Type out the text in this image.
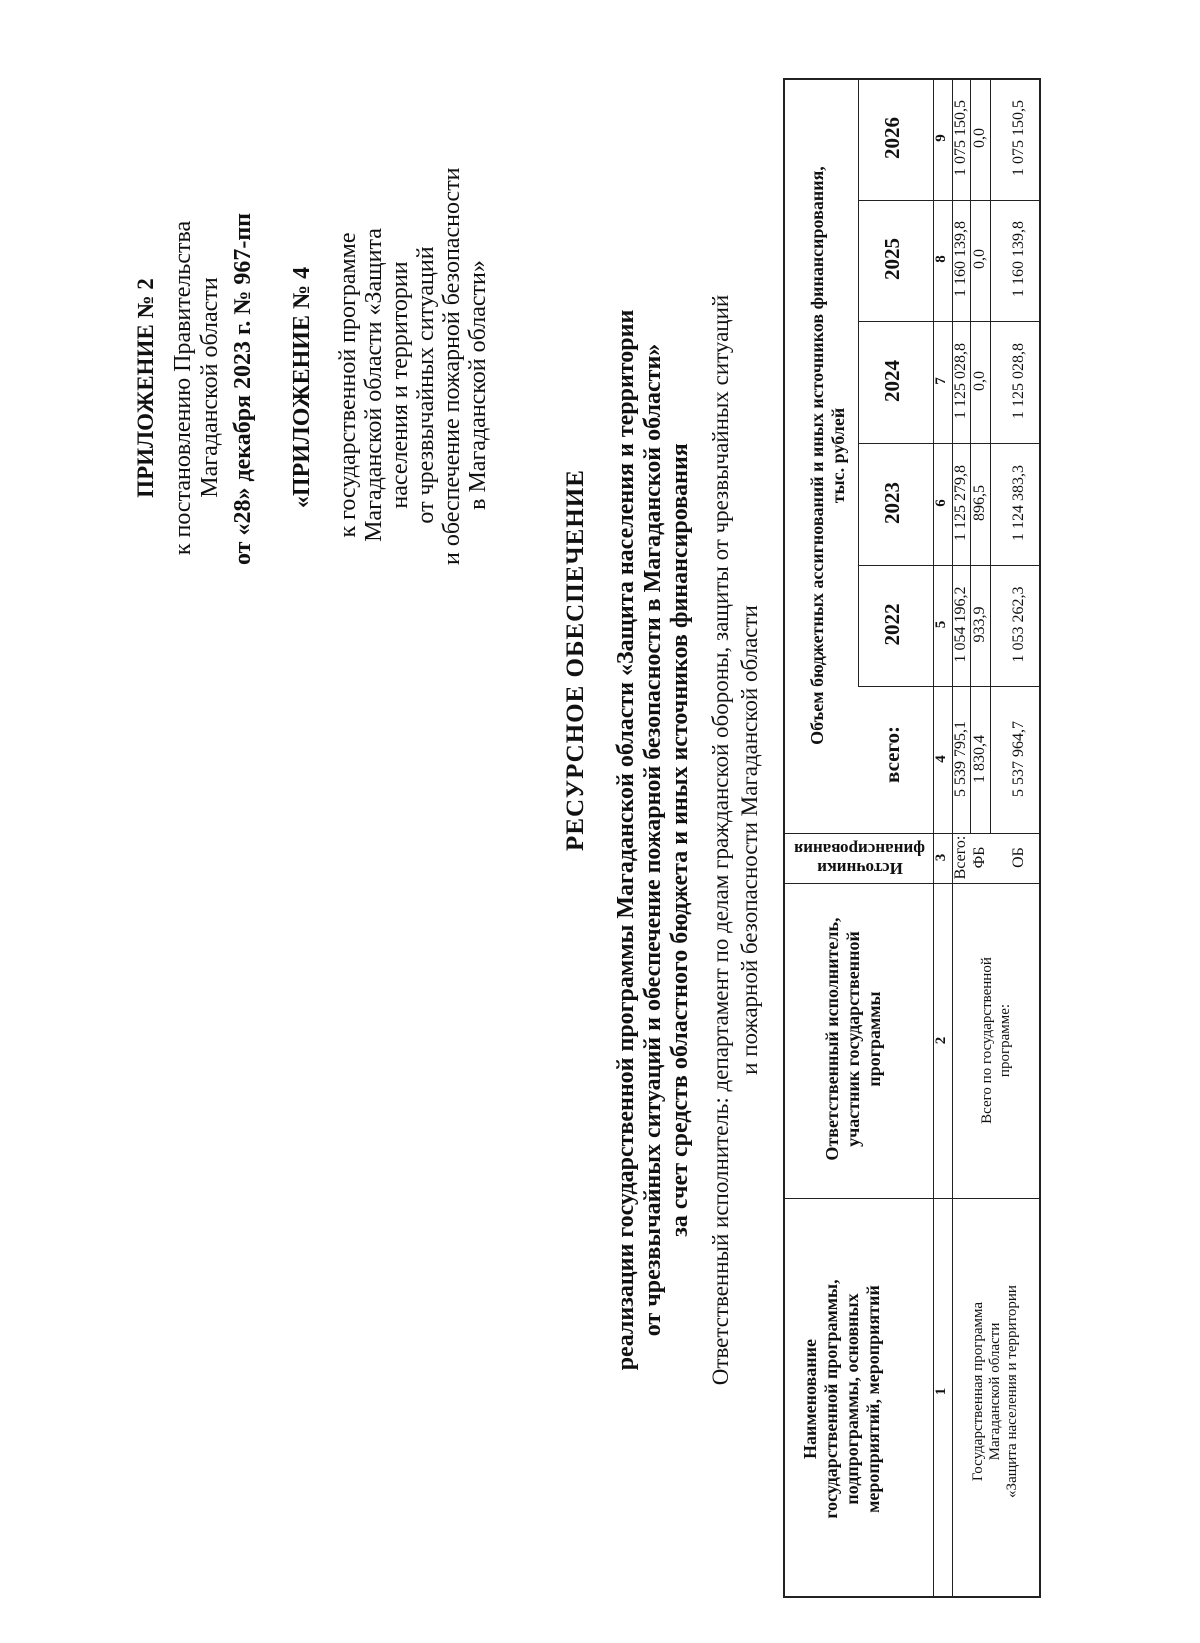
ПРИЛОЖЕНИЕ № 2 к постановлению Правительства Магаданской области от «28» декабря 2023 г. № 967-пп «ПРИЛОЖЕНИЕ № 4 к государственной программе Магаданской области «Защита населения и территории от чрезвычайных ситуаций и обеспечение пожарной безопасности в Магаданской области»
РЕСУРСНОЕ ОБЕСПЕЧЕНИЕ реализации государственной программы Магаданской области «Защита населения и территории от чрезвычайных ситуаций и обеспечение пожарной безопасности в Магаданской области» за счет средств областного бюджета и иных источников финансирования Ответственный исполнитель: департамент по делам гражданской обороны, защиты от чрезвычайных ситуаций и пожарной безопасности Магаданской области
Наименование государственной программы, подпрограммы, основных мероприятий, мероприятий
Ответственный исполнитель, участник государственной программы
Источники
финансирования
Объем бюджетных ассигнований и иных источников финансирования, тыс. рублей
всего:
2022
2023
2024
2025
2026
1
2
3
4
5
6
7
8
9
Государственная программа Магаданской области «Защита населения и территории
Всего по государственной программе:
Всего:
5 539 795,1
1 054 196,2
1 125 279,8
1 125 028,8
1 160 139,8
1 075 150,5
ФБ
1 830,4
933,9
896,5
0,0
0,0
0,0
ОБ
5 537 964,7
1 053 262,3
1 124 383,3
1 125 028,8
1 160 139,8
1 075 150,5
